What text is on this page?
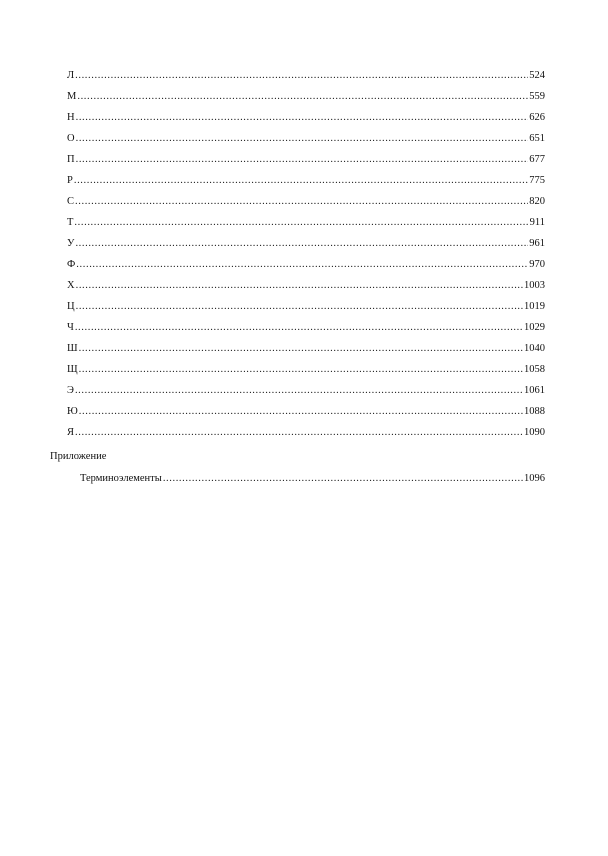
Л .....	524
М .....	559
Н .....	626
О .....	651
П .....	677
Р .....	775
С .....	820
Т .....	911
У .....	961
Ф .....	970
Х .....	1003
Ц .....	1019
Ч .....	1029
Ш .....	1040
Щ .....	1058
Э .....	1061
Ю .....	1088
Я .....	1090
Приложение
Терминоэлементы .....	1096
